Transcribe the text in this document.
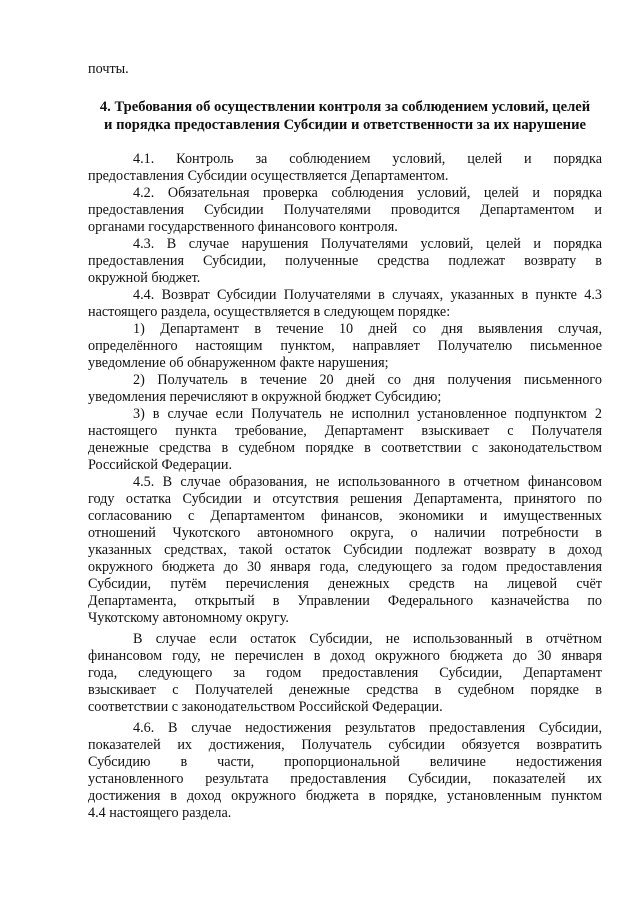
почты.
4. Требования об осуществлении контроля за соблюдением условий, целей
и порядка предоставления Субсидии и ответственности за их нарушение
4.1. Контроль за соблюдением условий, целей и порядка
предоставления Субсидии осуществляется Департаментом.
4.2. Обязательная проверка соблюдения условий, целей и порядка
предоставления Субсидии Получателями проводится Департаментом и
органами государственного финансового контроля.
4.3. В случае нарушения Получателями условий, целей и порядка
предоставления Субсидии, полученные средства подлежат возврату в
окружной бюджет.
4.4. Возврат Субсидии Получателями в случаях, указанных в пункте 4.3
настоящего раздела, осуществляется в следующем порядке:
1) Департамент в течение 10 дней со дня выявления случая,
определённого настоящим пунктом, направляет Получателю письменное
уведомление об обнаруженном факте нарушения;
2) Получатель в течение 20 дней со дня получения письменного
уведомления перечисляют в окружной бюджет Субсидию;
3) в случае если Получатель не исполнил установленное подпунктом 2
настоящего пункта требование, Департамент взыскивает с Получателя
денежные средства в судебном порядке в соответствии с законодательством
Российской Федерации.
4.5. В случае образования, не использованного в отчетном финансовом
году остатка Субсидии и отсутствия решения Департамента, принятого по
согласованию с Департаментом финансов, экономики и имущественных
отношений Чукотского автономного округа, о наличии потребности в
указанных средствах, такой остаток Субсидии подлежат возврату в доход
окружного бюджета до 30 января года, следующего за годом предоставления
Субсидии, путём перечисления денежных средств на лицевой счёт
Департамента, открытый в Управлении Федерального казначейства по
Чукотскому автономному округу.
В случае если остаток Субсидии, не использованный в отчётном
финансовом году, не перечислен в доход окружного бюджета до 30 января
года, следующего за годом предоставления Субсидии, Департамент
взыскивает с Получателей денежные средства в судебном порядке в
соответствии с законодательством Российской Федерации.
4.6. В случае недостижения результатов предоставления Субсидии,
показателей их достижения, Получатель субсидии обязуется возвратить
Субсидию в части, пропорциональной величине недостижения
установленного результата предоставления Субсидии, показателей их
достижения в доход окружного бюджета в порядке, установленным пунктом
4.4 настоящего раздела.
